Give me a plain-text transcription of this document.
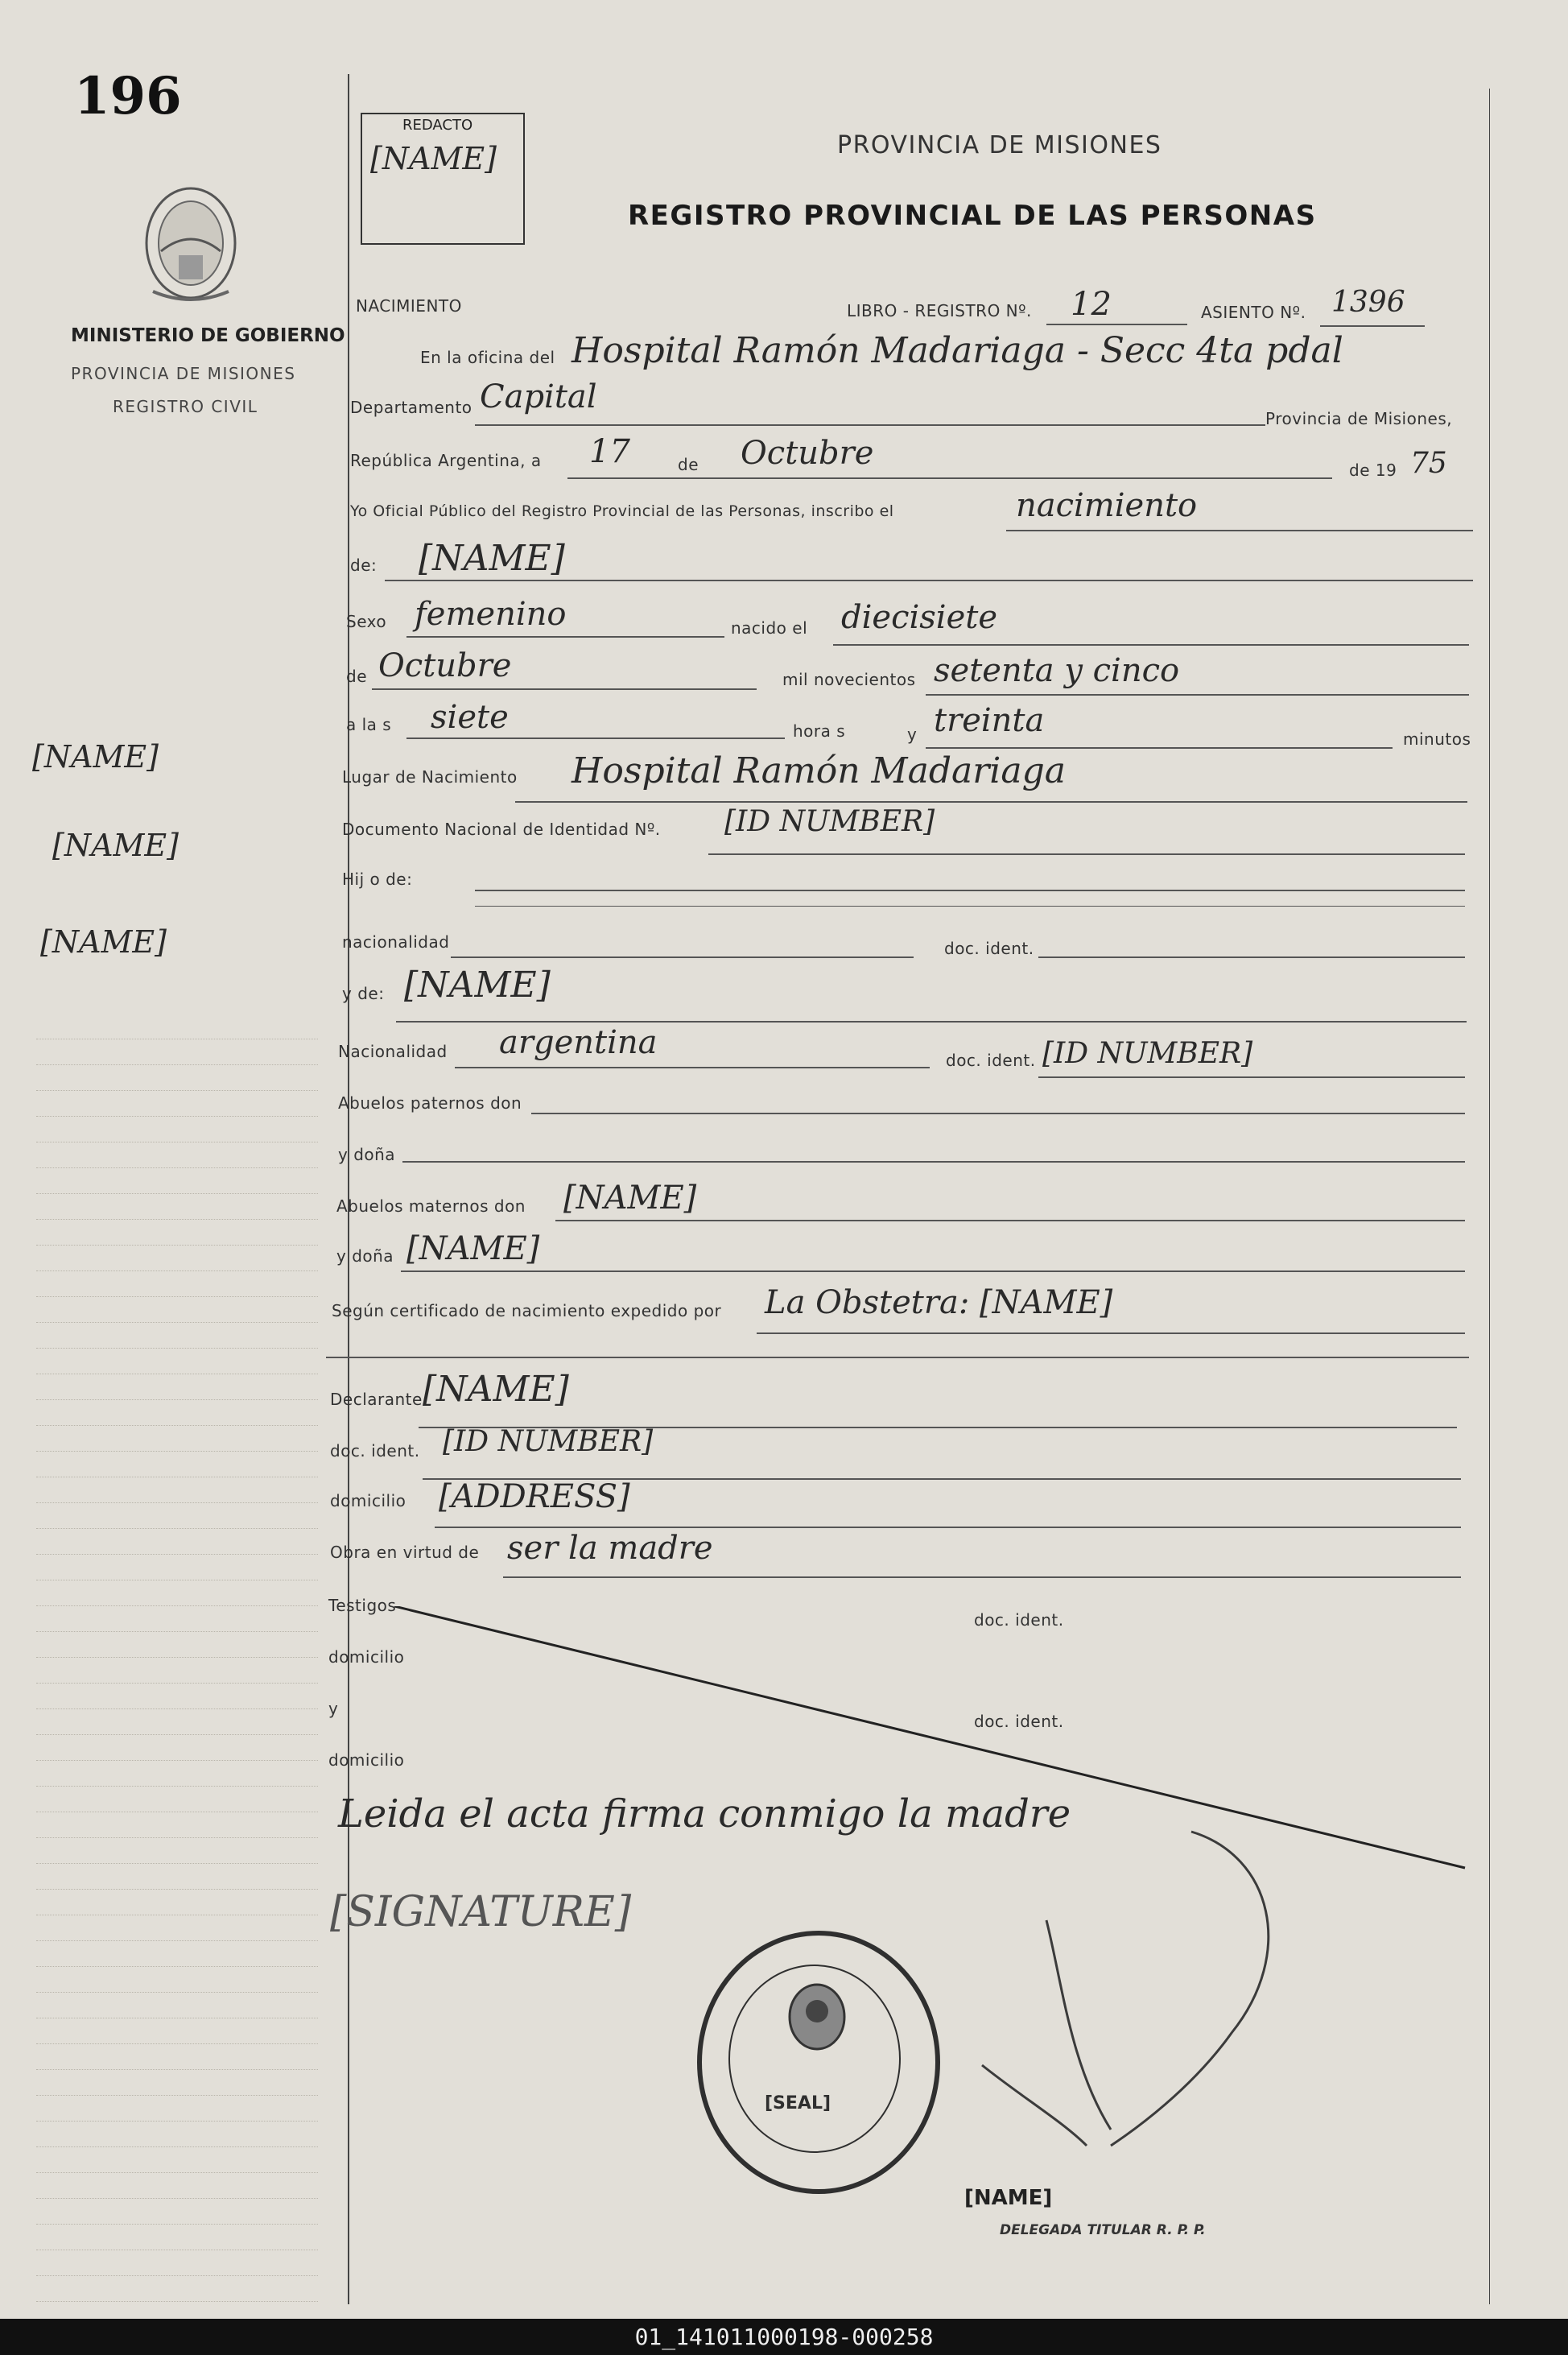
196
MINISTERIO DE GOBIERNO
PROVINCIA DE MISIONES
REGISTRO CIVIL
[NAME]
[NAME]
[NAME]
REDACTO
[NAME]	PROVINCIA DE MISIONES
REGISTRO PROVINCIAL DE LAS PERSONAS
NACIMIENTO	LIBRO - REGISTRO Nº. 12	ASIENTO Nº. 1396
En la oficina del Hospital Ramón Madariaga - Secc 4ta pdal
Departamento Capital
Provincia de Misiones,
República Argentina, a 17	de Octubre	de 19 75
Yo Oficial Público del Registro Provincial de las Personas, inscribo el	nacimiento
de: [NAME]
Sexo femenino	nacido el diecisiete
de Octubre	mil novecientos setenta y cinco
a la s siete	hora s	y treinta	minutos
Lugar de Nacimiento Hospital Ramón Madariaga
Documento Nacional de Identidad Nº. [ID NUMBER]
Hij o de:
nacionalidad	doc. ident.
y de: [NAME]
Nacionalidad argentina	doc. ident. [ID NUMBER]
Abuelos paternos don
y doña
Abuelos maternos don [NAME]
y doña [NAME]
Según certificado de nacimiento expedido por La Obstetra: [NAME]
Declarante [NAME]
doc. ident. [ID NUMBER]
domicilio [ADDRESS]
Obra en virtud de ser la madre
Testigos
doc. ident.
domicilio
y
doc. ident.
domicilio
Leida el acta firma conmigo la madre
[SIGNATURE]
[SEAL]
[NAME]
DELEGADA TITULAR R. P. P.
01_141011000198-000258
